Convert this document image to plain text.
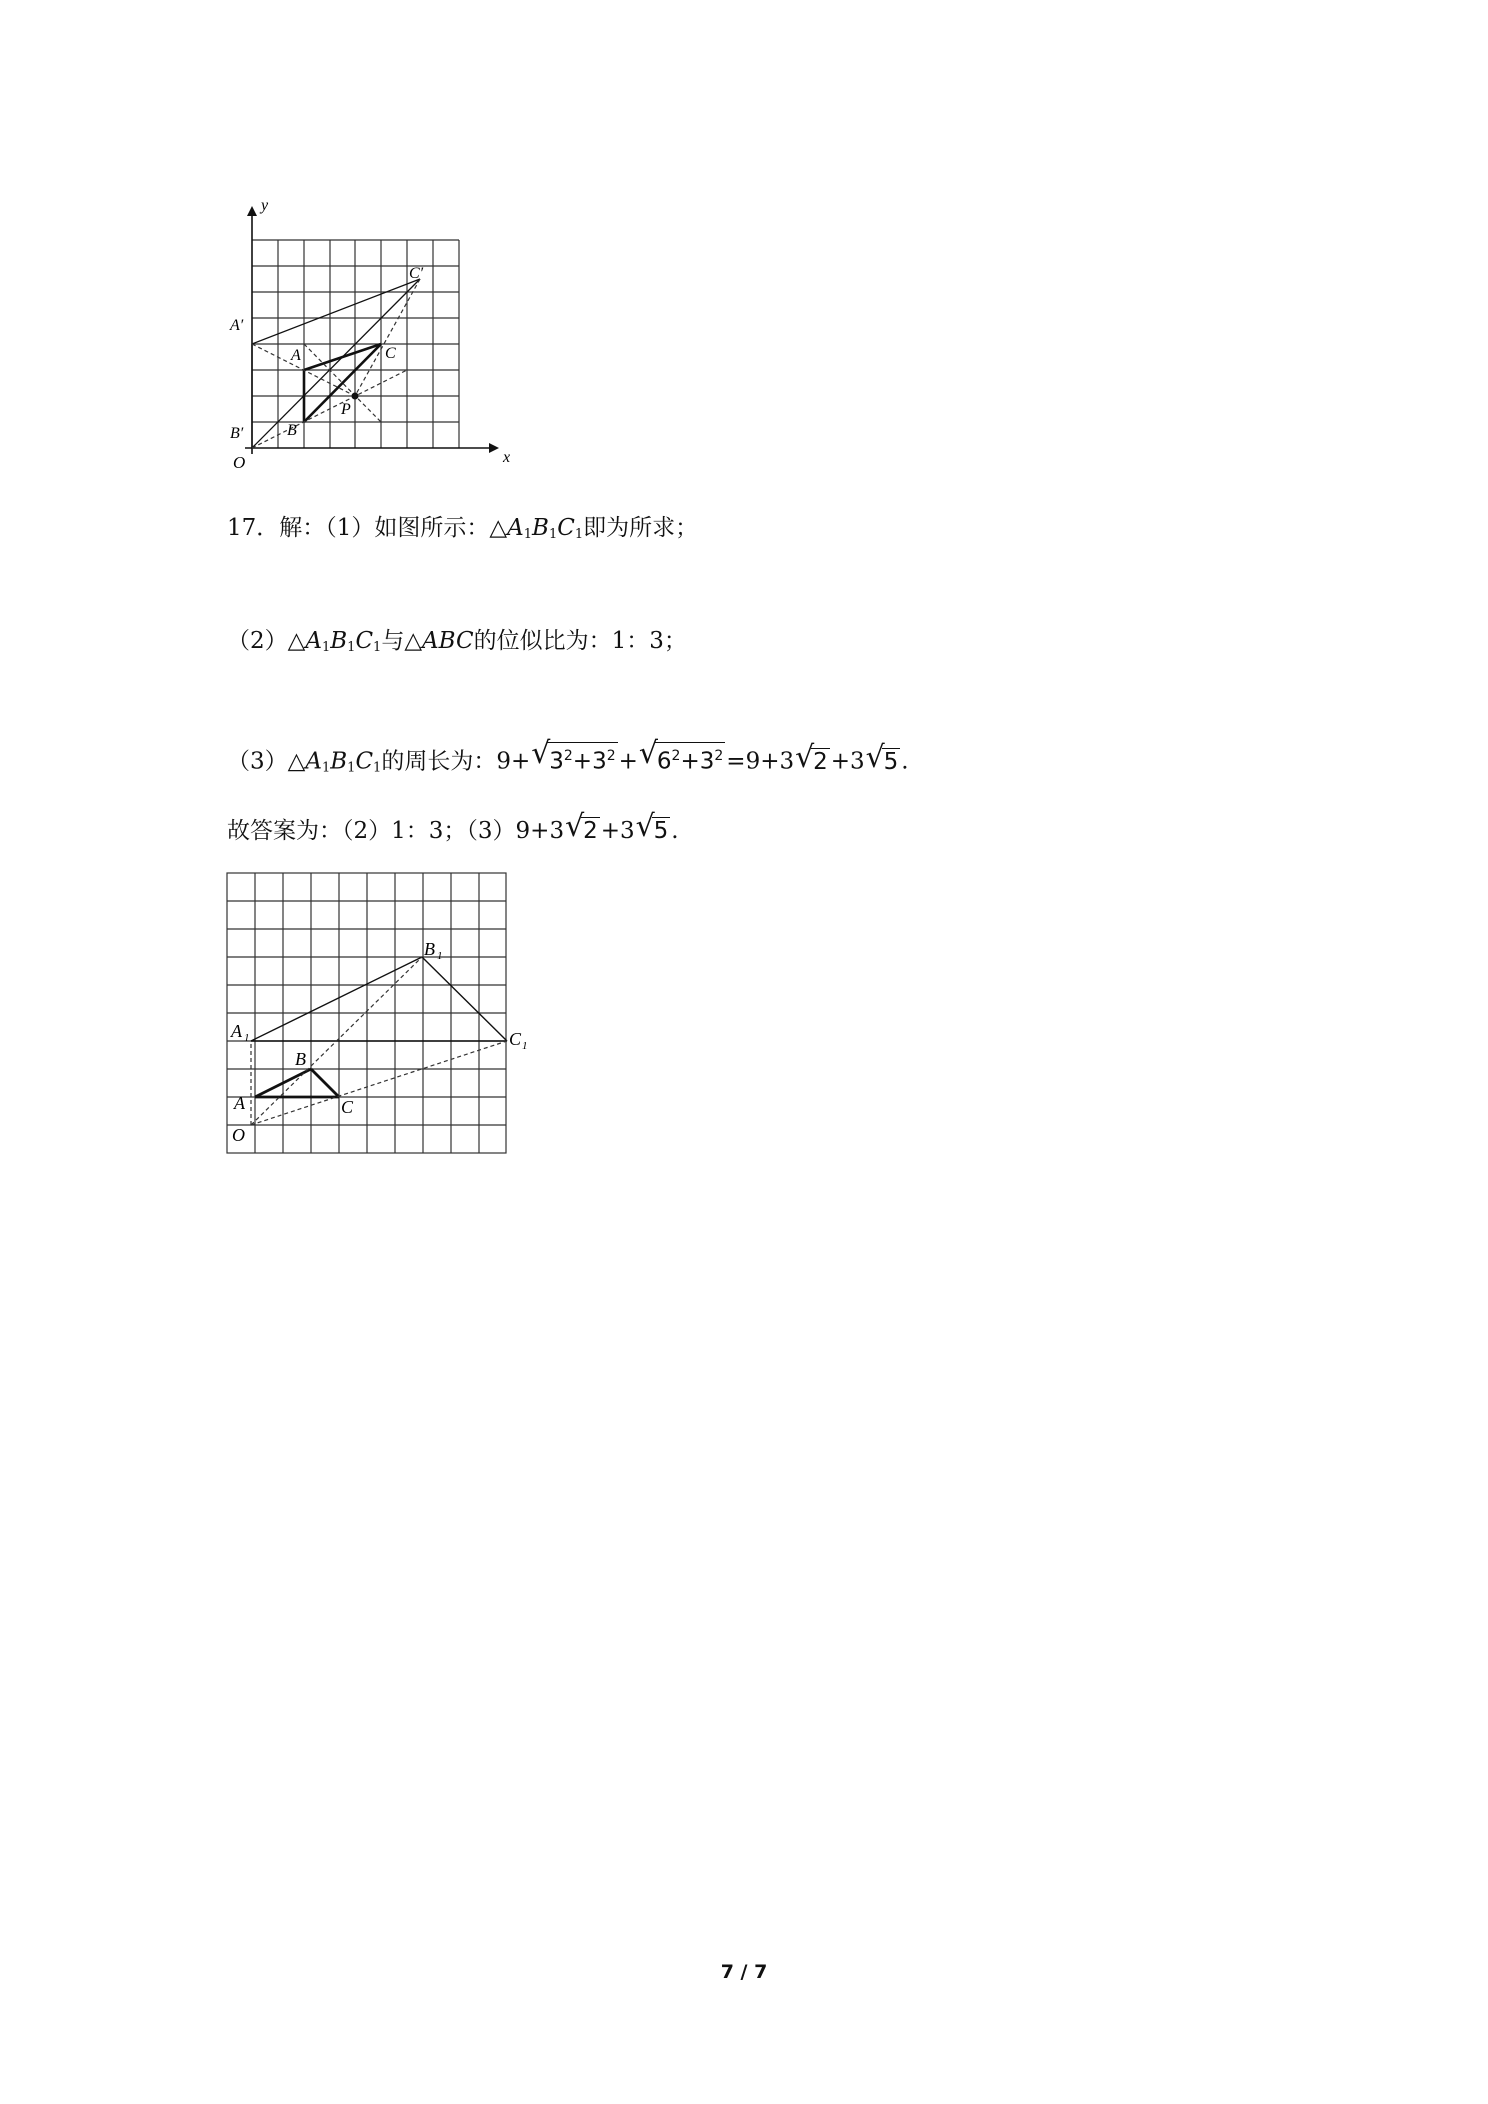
y
x
O
A′
B′
C′
A
B
C
P
17．解：（1）如图所示：$\triangle A_1B_1C_1$即为所求；
$(2)\triangle A_1B_1C_1$与△ABC的位似比为：1：3；
$(3)\triangle A_1B_1C_1$的周长为：9+√ $3^2+3^2$ +√ $6^2+3^2 =9+3√$ 2 +3√ 5 .
故答案为：（2）1：3；（3）9+3√ 2 +3√ 5 .
A 1
B 1
C 1
B
C
A
O
7 / 7
